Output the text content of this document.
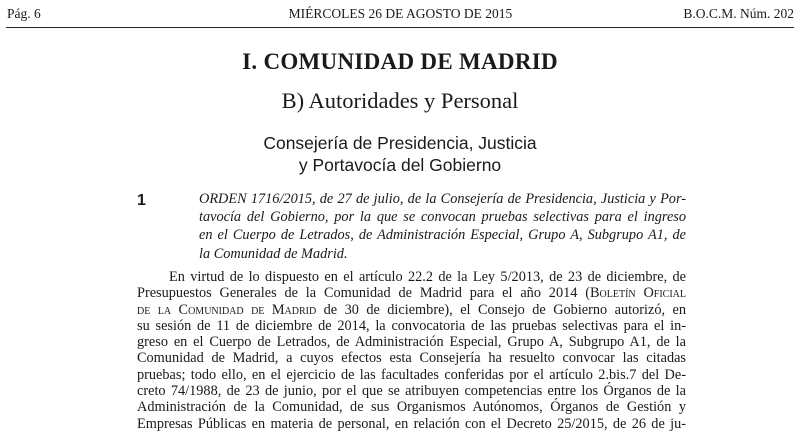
Pág. 6	MIÉRCOLES 26 DE AGOSTO DE 2015	B.O.C.M. Núm. 202
I. COMUNIDAD DE MADRID
B) Autoridades y Personal
Consejería de Presidencia, Justicia
y Portavocía del Gobierno
1	ORDEN 1716/2015, de 27 de julio, de la Consejería de Presidencia, Justicia y Por-
tavocía del Gobierno, por la que se convocan pruebas selectivas para el ingreso
en el Cuerpo de Letrados, de Administración Especial, Grupo A, Subgrupo A1, de
la Comunidad de Madrid.
En virtud de lo dispuesto en el artículo 22.2 de la Ley 5/2013, de 23 de diciembre, de
Presupuestos Generales de la Comunidad de Madrid para el año 2014 (Boletín Oficial
de la Comunidad de Madrid de 30 de diciembre), el Consejo de Gobierno autorizó, en
su sesión de 11 de diciembre de 2014, la convocatoria de las pruebas selectivas para el in-
greso en el Cuerpo de Letrados, de Administración Especial, Grupo A, Subgrupo A1, de la
Comunidad de Madrid, a cuyos efectos esta Consejería ha resuelto convocar las citadas
pruebas; todo ello, en el ejercicio de las facultades conferidas por el artículo 2.bis.7 del De-
creto 74/1988, de 23 de junio, por el que se atribuyen competencias entre los Órganos de la
Administración de la Comunidad, de sus Organismos Autónomos, Órganos de Gestión y
Empresas Públicas en materia de personal, en relación con el Decreto 25/2015, de 26 de ju-
